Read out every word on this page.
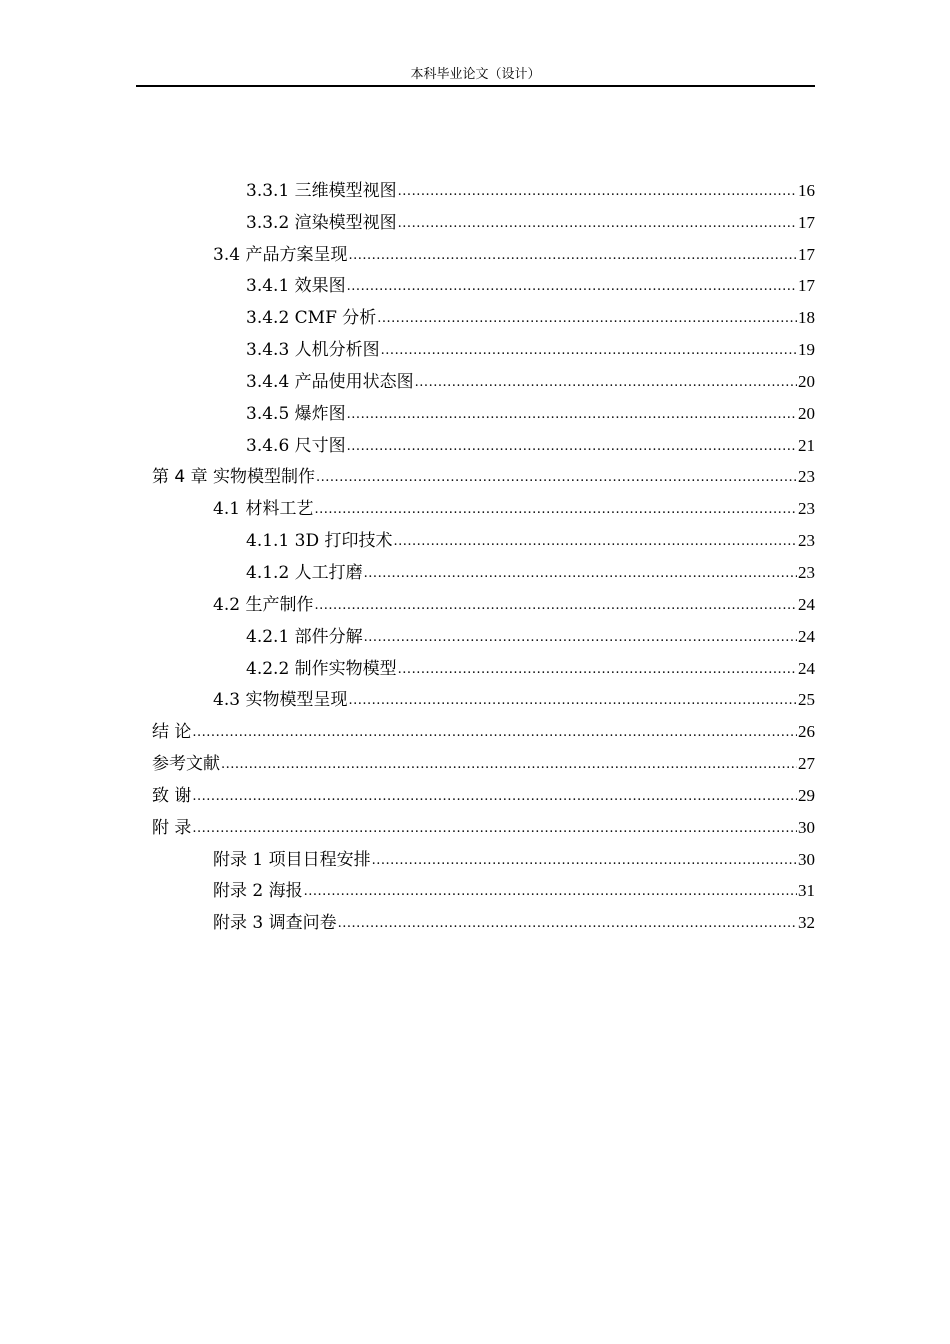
本科毕业论文（设计）
3.3.1 三维模型视图 .....	16
3.3.2 渲染模型视图 .....	17
3.4 产品方案呈现 .....	17
3.4.1 效果图 .....	17
3.4.2 CMF 分析 .....	18
3.4.3 人机分析图 .....	19
3.4.4 产品使用状态图 .....	20
3.4.5 爆炸图 .....	20
3.4.6 尺寸图 .....	21
第 4 章 实物模型制作 .....	23
4.1 材料工艺 .....	23
4.1.1 3D 打印技术 .....	23
4.1.2 人工打磨 .....	23
4.2 生产制作 .....	24
4.2.1 部件分解 .....	24
4.2.2 制作实物模型 .....	24
4.3 实物模型呈现 .....	25
结 论 .....	26
参考文献 .....	27
致 谢 .....	29
附 录 .....	30
附录 1 项目日程安排 .....	30
附录 2 海报 .....	31
附录 3 调查问卷 .....	32
